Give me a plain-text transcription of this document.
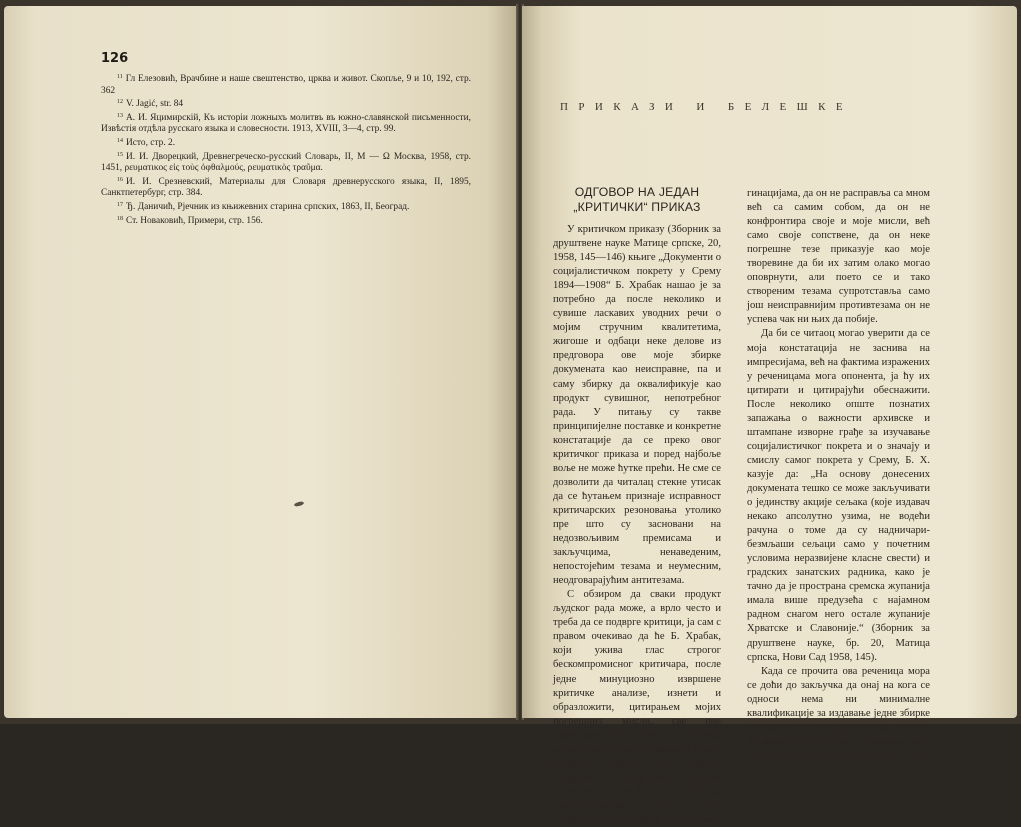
126

$^{11}$ Гл Елезовић, Врачбине и наше свештенство, црква и живот. Скопље, 9 и 10, 192, стр. 362

$^{12}$ V. Jagić, str. 84

$^{13}$ А. И. Яцимирскій, Къ исторіи ложныхъ молитвъ въ южно-славянской письменности, Извѣстія отдѣла русскаго языка и словесности. 1913, XVIII, 3—4, стр. 99.

$^{14}$ Исто, стр. 2.

$^{15}$ И. И. Дворецкий, Древнегреческо-русский Словарь, II, М — Ω Москва, 1958, стр. 1451, ρευματικος εἰς τοὺς ὀφθαλμούς, ρευματικὸς τραῦμα.

$^{16}$ И. И. Срезневский, Материалы для Словаря древнерусского языка, II, 1895, Санктпетербург, стр. 384.

$^{17}$ Ђ. Даничић, Рјечник из књижевних старина српских, 1863, II, Београд.

$^{18}$ Ст. Новаковић, Примери, стр. 156.

ПРИКАЗИ И БЕЛЕШКЕ
ОДГОВОР НА ЈЕДАН „КРИТИЧКИ“ ПРИКАЗ

У критичком приказу (Зборник за друштвене науке Матице српске, 20, 1958, 145—146) књиге „Документи о социјалистичком покрету у Срему 1894—1908“ Б. Храбак нашао је за потребно да после неколико и сувише ласкавих уводних речи о мојим стручним квалитетима, жигоше и одбаци неке делове из предговора ове моје збирке докумената као неисправне, па и саму збирку да оквалификује као продукт сувишног, непотребног рада. У питању су такве принципијелне поставке и конкретне констатације да се преко овог критичког приказа и поред најбоље воље не може ћутке прећи. Не сме се дозволити да читалац стекне утисак да се ћутањем признаје исправност критичарских резоновања утолико пре што су засновани на недозвољивим премисама и закључцима, ненаведеним, непостојећим тезама и неумесним, неодговарајућим антитезама.

С обзиром да сваки продукт људског рада може, а врло често и треба да се подврге критици, ја сам с правом очекивао да ће Б. Храбак, који ужива глас строгог бескомпромисног критичара, после једне минуциозно извршене критичке анализе, изнети и образложити, цитирањем мојих погрешних мисли, све оне недостатке због којих, по његовој оцени, ова збирка докумената и њен предговор морају бити осуђени. Међутим, на крају читања његове рецензије ја сам био присиљен да констатујем да он свој суд није базирао на чињеницама него на има-

гинацијама, да он не расправља са мном већ са самим собом, да он не конфронтира своје и моје мисли, већ само своје сопствене, да он неке погрешне тезе приказује као моје творевине да би их затим олако могао оповрнути, али поето се и тако створеним тезама супротстављa само још неисправнијим противтезама он не успева чак ни њих да побије.

Да би се читаоц могао уверити да се моја констатација не заснива на импресијама, већ на фактима изражених у реченицама мога опонента, ја ћу их цитирати и цитирајући обеснажити. После неколико опште познатих запажања о важности архивске и штампане изворне грађе за изучавање социјалистичког покрета и о значају и смислу самог покрета у Срему, Б. Х. казује да: „На основу донесених докумената тешко се може закључивати о јединству акције сељака (које издавач некако апсолутно узима, не водећи рачуна о томе да су надничари-безмљаши сељаци само у почетним условима неразвијене класне свести) и градских занатских радника, како је тачно да је пространа сремска жупанија имала више предузећа с најамном радном снагом него остале жупаније Хрватске и Славоније.“ (Зборник за друштвене науке, бр. 20, Матица српска, Нови Сад 1958, 145).

Када се прочита ова реченица мора се доћи до закључка да онај на кога се односи нема ни минималне квалификације за издавање једне збирке докумената о социјалистичком покрету, да мора бити велики незналица, кала сељаке „некако апсолутно узима“, нако
